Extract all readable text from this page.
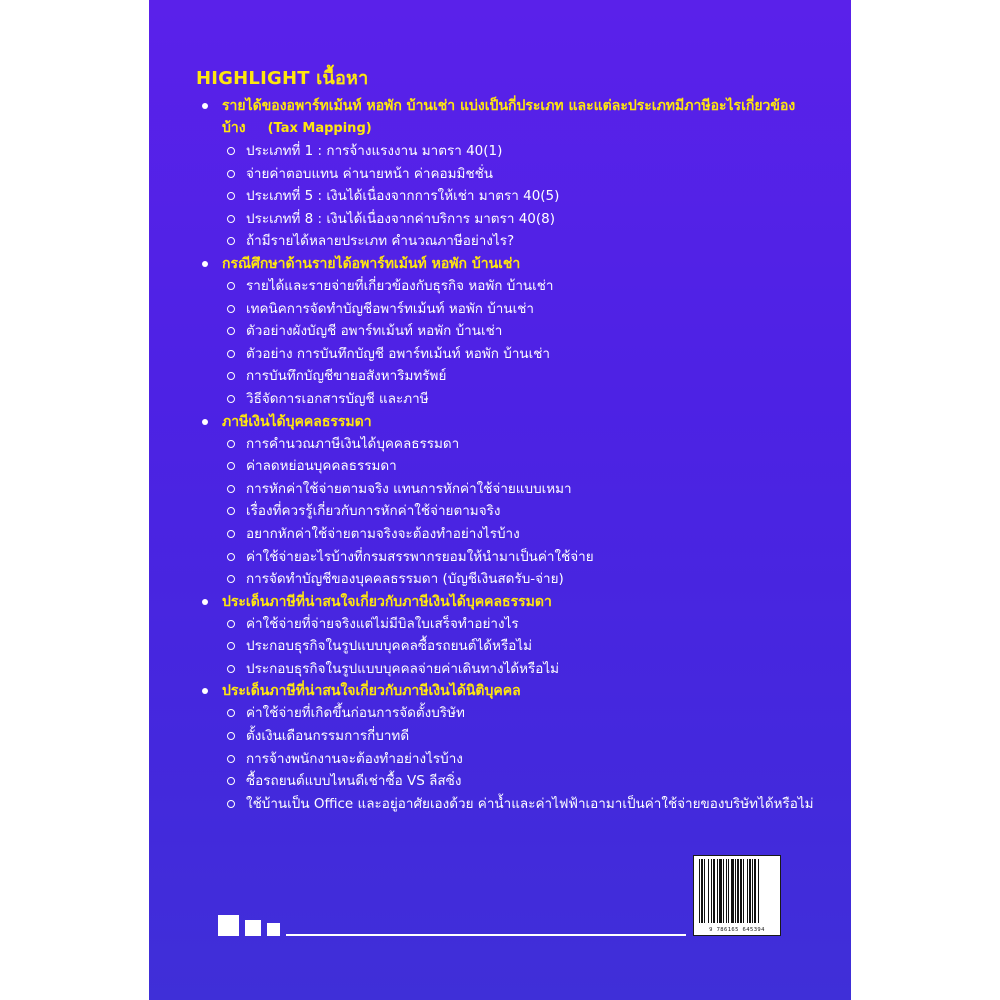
HIGHLIGHT เนื้อหา
รายได้ของอพาร์ทเม้นท์ หอพัก บ้านเช่า แบ่งเป็นกี่ประเภท และแต่ละประเภทมีภาษีอะไรเกี่ยวข้องบ้าง (Tax Mapping)
ประเภทที่ 1 : การจ้างแรงงาน มาตรา 40(1)
จ่ายค่าตอบแทน ค่านายหน้า ค่าคอมมิชชั่น
ประเภทที่ 5 : เงินได้เนื่องจากการให้เช่า มาตรา 40(5)
ประเภทที่ 8 : เงินได้เนื่องจากค่าบริการ มาตรา 40(8)
ถ้ามีรายได้หลายประเภท คำนวณภาษีอย่างไร?
กรณีศึกษาด้านรายได้อพาร์ทเม้นท์ หอพัก บ้านเช่า
รายได้และรายจ่ายที่เกี่ยวข้องกับธุรกิจ หอพัก บ้านเช่า
เทคนิคการจัดทำบัญชีอพาร์ทเม้นท์ หอพัก บ้านเช่า
ตัวอย่างผังบัญชี อพาร์ทเม้นท์ หอพัก บ้านเช่า
ตัวอย่าง การบันทึกบัญชี อพาร์ทเม้นท์ หอพัก บ้านเช่า
การบันทึกบัญชีขายอสังหาริมทรัพย์
วิธีจัดการเอกสารบัญชี และภาษี
ภาษีเงินได้บุคคลธรรมดา
การคำนวณภาษีเงินได้บุคคลธรรมดา
ค่าลดหย่อนบุคคลธรรมดา
การหักค่าใช้จ่ายตามจริง แทนการหักค่าใช้จ่ายแบบเหมา
เรื่องที่ควรรู้เกี่ยวกับการหักค่าใช้จ่ายตามจริง
อยากหักค่าใช้จ่ายตามจริงจะต้องทำอย่างไรบ้าง
ค่าใช้จ่ายอะไรบ้างที่กรมสรรพากรยอมให้นำมาเป็นค่าใช้จ่าย
การจัดทำบัญชีของบุคคลธรรมดา (บัญชีเงินสดรับ-จ่าย)
ประเด็นภาษีที่น่าสนใจเกี่ยวกับภาษีเงินได้บุคคลธรรมดา
ค่าใช้จ่ายที่จ่ายจริงแต่ไม่มีบิลใบเสร็จทำอย่างไร
ประกอบธุรกิจในรูปแบบบุคคลซื้อรถยนต์ได้หรือไม่
ประกอบธุรกิจในรูปแบบบุคคลจ่ายค่าเดินทางได้หรือไม่
ประเด็นภาษีที่น่าสนใจเกี่ยวกับภาษีเงินได้นิติบุคคล
ค่าใช้จ่ายที่เกิดขึ้นก่อนการจัดตั้งบริษัท
ตั้งเงินเดือนกรรมการกี่บาทดี
การจ้างพนักงานจะต้องทำอย่างไรบ้าง
ซื้อรถยนต์แบบไหนดีเช่าซื้อ VS ลีสซิ่ง
ใช้บ้านเป็น Office และอยู่อาศัยเองด้วย ค่าน้ำและค่าไฟฟ้าเอามาเป็นค่าใช้จ่ายของบริษัทได้หรือไม่
9 786165 645394
